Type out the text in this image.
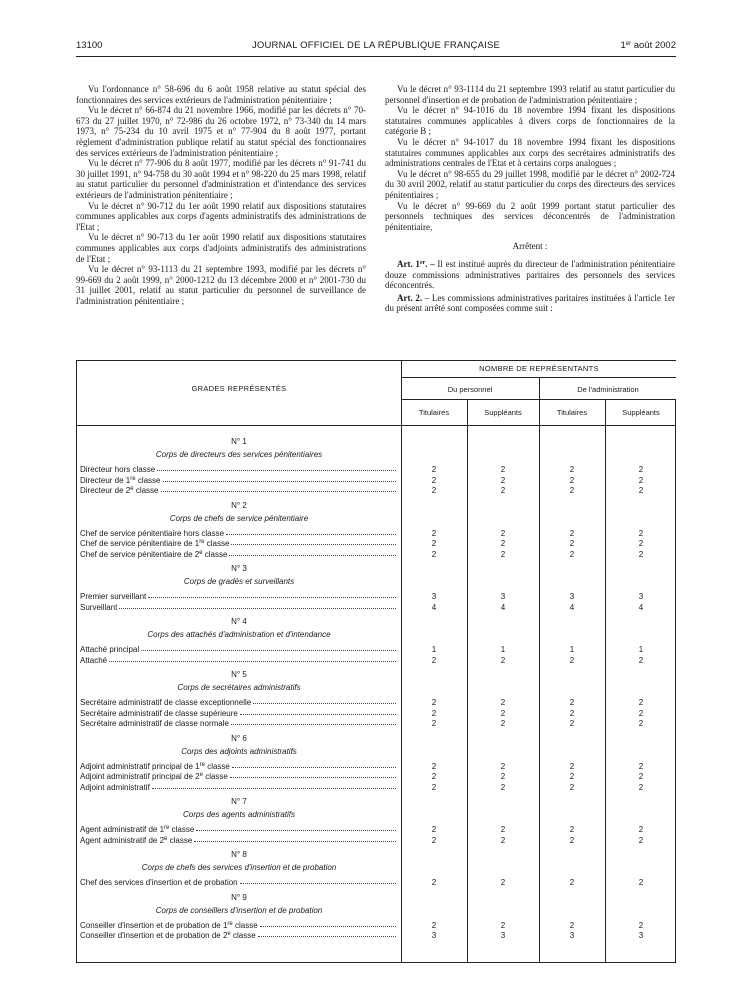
13100	JOURNAL OFFICIEL DE LA RÉPUBLIQUE FRANÇAISE	1er août 2002

Vu l'ordonnance n° 58-696 du 6 août 1958 relative au statut spécial des fonctionnaires des services extérieurs de l'administration pénitentiaire ;

Vu le décret n° 66-874 du 21 novembre 1966, modifié par les décrets n° 70-673 du 27 juillet 1970, n° 72-986 du 26 octobre 1972, n° 73-340 du 14 mars 1973, n° 75-234 du 10 avril 1975 et n° 77-904 du 8 août 1977, portant règlement d'administration publique relatif au statut spécial des fonctionnaires des services extérieurs de l'administration pénitentiaire ;

Vu le décret n° 77-906 du 8 août 1977, modifié par les décrets n° 91-741 du 30 juillet 1991, n° 94-758 du 30 août 1994 et n° 98-220 du 25 mars 1998, relatif au statut particulier du personnel d'administration et d'intendance des services extérieurs de l'administration pénitentiaire ;

Vu le décret n° 90-712 du 1er août 1990 relatif aux dispositions statutaires communes applicables aux corps d'agents administratifs des administrations de l'Etat ;

Vu le décret n° 90-713 du 1er août 1990 relatif aux dispositions statutaires communes applicables aux corps d'adjoints administratifs des administrations de l'Etat ;

Vu le décret n° 93-1113 du 21 septembre 1993, modifié par les décrets n° 99-669 du 2 août 1999, n° 2000-1212 du 13 décembre 2000 et n° 2001-730 du 31 juillet 2001, relatif au statut particulier du personnel de surveillance de l'administration pénitentiaire ;

Vu le décret n° 93-1114 du 21 septembre 1993 relatif au statut particulier du personnel d'insertion et de probation de l'administration pénitentiaire ;

Vu le décret n° 94-1016 du 18 novembre 1994 fixant les dispositions statutaires communes applicables à divers corps de fonctionnaires de la catégorie B ;

Vu le décret n° 94-1017 du 18 novembre 1994 fixant les dispositions statutaires communes applicables aux corps des secrétaires administratifs des administrations centrales de l'Etat et à certains corps analogues ;

Vu le décret n° 98-655 du 29 juillet 1998, modifié par le décret n° 2002-724 du 30 avril 2002, relatif au statut particulier du corps des directeurs des services pénitentiaires ;

Vu le décret n° 99-669 du 2 août 1999 portant statut particulier des personnels techniques des services déconcentrés de l'administration pénitentiaire,

Arrêtent :

Art. 1er. – Il est institué auprès du directeur de l'administration pénitentiaire douze commissions administratives paritaires des personnels des services déconcentrés.

Art. 2. – Les commissions administratives paritaires instituées à l'article 1er du présent arrêté sont composées comme suit :

GRADES REPRÉSENTÉS
NOMBRE DE REPRÉSENTANTS
Du personnel	De l'administration
Titulaires	Suppléants	Titulaires	Suppléants
N° 1
Corps de directeurs des services pénitentiaires
Directeur hors classe	2	2	2	2
Directeur de 1re classe	2	2	2	2
Directeur de 2e classe	2	2	2	2
N° 2
Corps de chefs de service pénitentiaire
Chef de service pénitentiaire hors classe	2	2	2	2
Chef de service pénitentiaire de 1re classe	2	2	2	2
Chef de service pénitentiaire de 2e classe	2	2	2	2
N° 3
Corps de gradés et surveillants
Premier surveillant	3	3	3	3
Surveillant	4	4	4	4
N° 4
Corps des attachés d'administration et d'intendance
Attaché principal	1	1	1	1
Attaché	2	2	2	2
N° 5
Corps de secrétaires administratifs
Secrétaire administratif de classe exceptionnelle	2	2	2	2
Secrétaire administratif de classe supérieure	2	2	2	2
Secrétaire administratif de classe normale	2	2	2	2
N° 6
Corps des adjoints administratifs
Adjoint administratif principal de 1re classe	2	2	2	2
Adjoint administratif principal de 2e classe	2	2	2	2
Adjoint administratif	2	2	2	2
N° 7
Corps des agents administratifs
Agent administratif de 1re classe	2	2	2	2
Agent administratif de 2e classe	2	2	2	2
N° 8
Corps de chefs des services d'insertion et de probation
Chef des services d'insertion et de probation	2	2	2	2
N° 9
Corps de conseillers d'insertion et de probation
Conseiller d'insertion et de probation de 1re classe	2	2	2	2
Conseiller d'insertion et de probation de 2e classe	3	3	3	3
